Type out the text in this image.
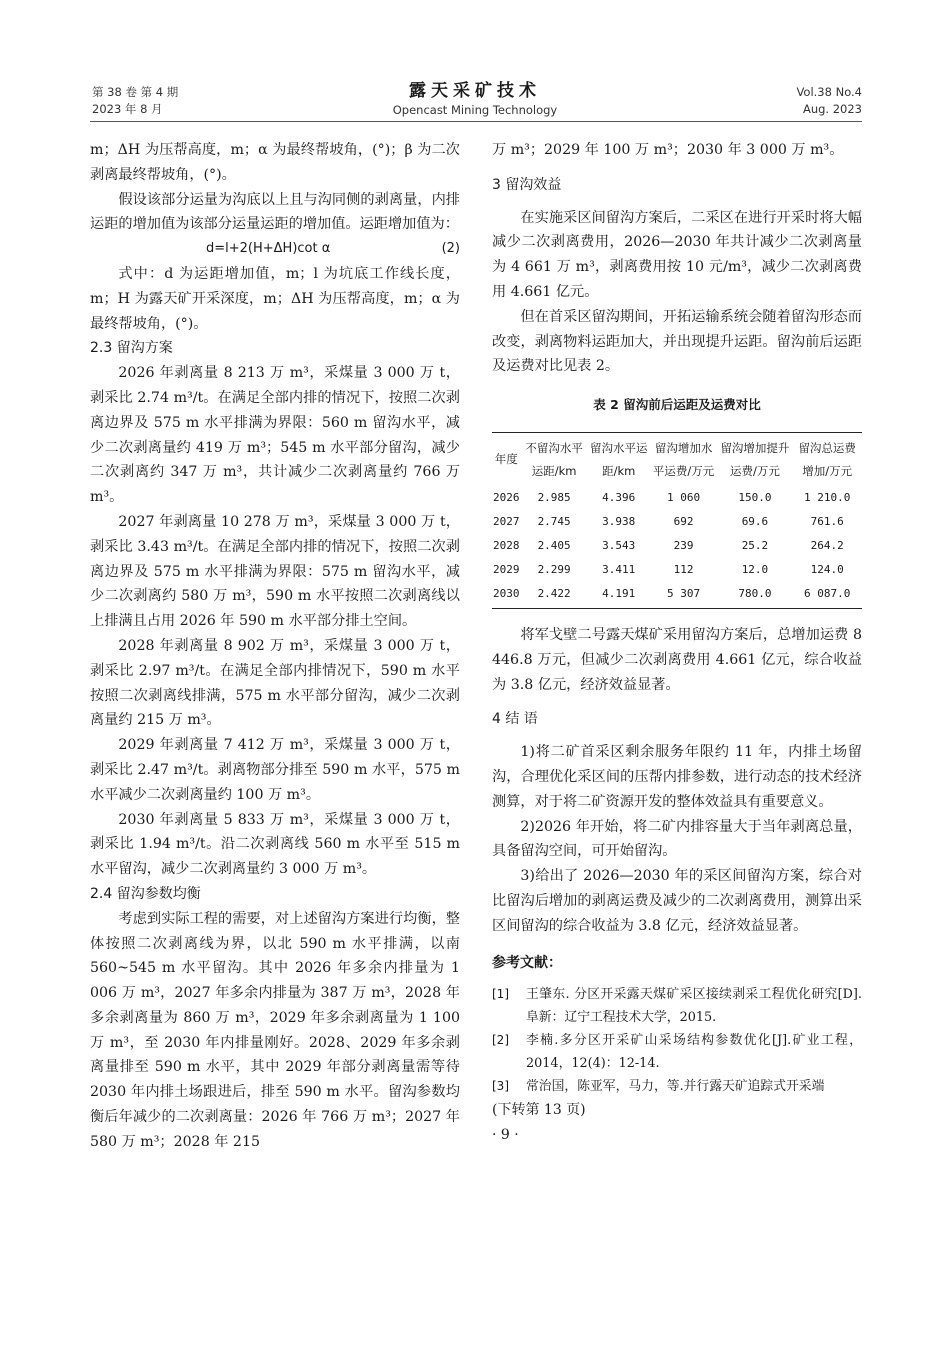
第 38 卷 第 4 期
2023 年 8 月
露天采矿技术
Opencast Mining Technology
Vol.38 No.4
Aug. 2023

m；ΔH 为压帮高度，m；α 为最终帮坡角，(°)；β 为二次剥离最终帮坡角，(°)。

假设该部分运量为沟底以上且与沟同侧的剥离量，内排运距的增加值为该部分运量运距的增加值。运距增加值为：

d=l+2(H+ΔH)cot α	(2)

式中：d 为运距增加值，m；l 为坑底工作线长度，m；H 为露天矿开采深度，m；ΔH 为压帮高度，m；α 为最终帮坡角，(°)。

2.3 留沟方案

2026 年剥离量 8 213 万 m³，采煤量 3 000 万 t，剥采比 2.74 m³/t。在满足全部内排的情况下，按照二次剥离边界及 575 m 水平排满为界限：560 m 留沟水平，减少二次剥离量约 419 万 m³；545 m 水平部分留沟，减少二次剥离约 347 万 m³，共计减少二次剥离量约 766 万 m³。

2027 年剥离量 10 278 万 m³，采煤量 3 000 万 t，剥采比 3.43 m³/t。在满足全部内排的情况下，按照二次剥离边界及 575 m 水平排满为界限：575 m 留沟水平，减少二次剥离约 580 万 m³，590 m 水平按照二次剥离线以上排满且占用 2026 年 590 m 水平部分排土空间。

2028 年剥离量 8 902 万 m³，采煤量 3 000 万 t，剥采比 2.97 m³/t。在满足全部内排情况下，590 m 水平按照二次剥离线排满，575 m 水平部分留沟，减少二次剥离量约 215 万 m³。

2029 年剥离量 7 412 万 m³，采煤量 3 000 万 t，剥采比 2.47 m³/t。剥离物部分排至 590 m 水平，575 m 水平减少二次剥离量约 100 万 m³。

2030 年剥离量 5 833 万 m³，采煤量 3 000 万 t，剥采比 1.94 m³/t。沿二次剥离线 560 m 水平至 515 m 水平留沟，减少二次剥离量约 3 000 万 m³。

2.4 留沟参数均衡

考虑到实际工程的需要，对上述留沟方案进行均衡，整体按照二次剥离线为界，以北 590 m 水平排满，以南 560~545 m 水平留沟。其中 2026 年多余内排量为 1 006 万 m³，2027 年多余内排量为 387 万 m³，2028 年多余剥离量为 860 万 m³，2029 年多余剥离量为 1 100 万 m³，至 2030 年内排量刚好。2028、2029 年多余剥离量排至 590 m 水平，其中 2029 年部分剥离量需等待 2030 年内排土场跟进后，排至 590 m 水平。留沟参数均衡后年减少的二次剥离量：2026 年 766 万 m³；2027 年 580 万 m³；2028 年 215

万 m³；2029 年 100 万 m³；2030 年 3 000 万 m³。

3 留沟效益

在实施采区间留沟方案后，二采区在进行开采时将大幅减少二次剥离费用，2026—2030 年共计减少二次剥离量为 4 661 万 m³，剥离费用按 10 元/m³，减少二次剥离费用 4.661 亿元。

但在首采区留沟期间，开拓运输系统会随着留沟形态而改变，剥离物料运距加大，并出现提升运距。留沟前后运距及运费对比见表 2。

表 2 留沟前后运距及运费对比
年度	不留沟水平运距/km	留沟水平运距/km	留沟增加水平运费/万元	留沟增加提升运费/万元	留沟总运费增加/万元

2026	2.985	4.396	1 060	150.0	1 210.0
2027	2.745	3.938	692	69.6	761.6
2028	2.405	3.543	239	25.2	264.2
2029	2.299	3.411	112	12.0	124.0
2030	2.422	4.191	5 307	780.0	6 087.0

将军戈壁二号露天煤矿采用留沟方案后，总增加运费 8 446.8 万元，但减少二次剥离费用 4.661 亿元，综合收益为 3.8 亿元，经济效益显著。

4 结 语

1)将二矿首采区剩余服务年限约 11 年，内排土场留沟，合理优化采区间的压帮内排参数，进行动态的技术经济测算，对于将二矿资源开发的整体效益具有重要意义。

2)2026 年开始，将二矿内排容量大于当年剥离总量，具备留沟空间，可开始留沟。

3)给出了 2026—2030 年的采区间留沟方案，综合对比留沟后增加的剥离运费及减少的二次剥离费用，测算出采区间留沟的综合收益为 3.8 亿元，经济效益显著。

参考文献：
[1]	王肇东. 分区开采露天煤矿采区接续剥采工程优化研究[D].阜新：辽宁工程技术大学，2015.
[2]	李楠.多分区开采矿山采场结构参数优化[J].矿业工程，2014，12(4)：12-14.
[3]	常治国，陈亚军，马力，等.并行露天矿追踪式开采端

(下转第 13 页)

· 9 ·
